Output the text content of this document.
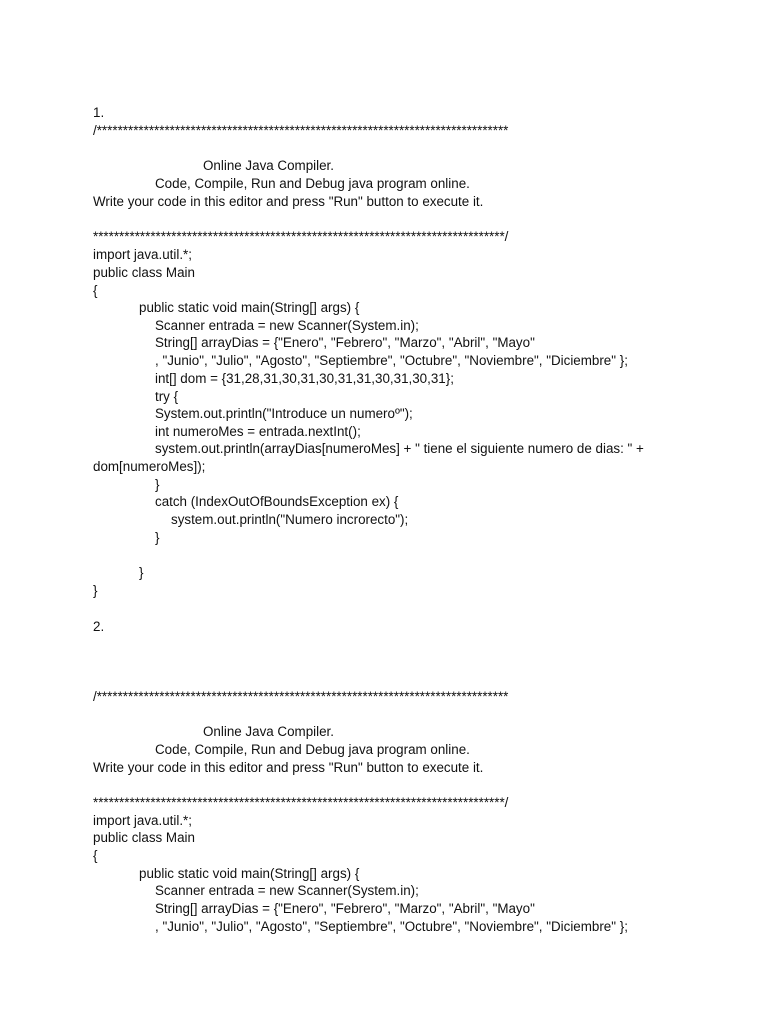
1.

/*******************************************************************************

Online Java Compiler.

Code, Compile, Run and Debug java program online.

Write your code in this editor and press "Run" button to execute it.

*******************************************************************************/

import java.util.*;

public class Main

{

public static void main(String[] args) {

Scanner entrada = new Scanner(System.in);

String[] arrayDias = {"Enero", "Febrero", "Marzo", "Abril", "Mayo"

, "Junio", "Julio", "Agosto", "Septiembre", "Octubre", "Noviembre", "Diciembre" };

int[] dom = {31,28,31,30,31,30,31,31,30,31,30,31};

try {

System.out.println("Introduce un numeroº");

int numeroMes = entrada.nextInt();

system.out.println(arrayDias[numeroMes] + " tiene el siguiente numero de dias: " +

dom[numeroMes]);

}

catch (IndexOutOfBoundsException ex) {

system.out.println("Numero incrorecto");

}

}

}

2.

/*******************************************************************************

Online Java Compiler.

Code, Compile, Run and Debug java program online.

Write your code in this editor and press "Run" button to execute it.

*******************************************************************************/

import java.util.*;

public class Main

{

public static void main(String[] args) {

Scanner entrada = new Scanner(System.in);

String[] arrayDias = {"Enero", "Febrero", "Marzo", "Abril", "Mayo"

, "Junio", "Julio", "Agosto", "Septiembre", "Octubre", "Noviembre", "Diciembre" };
